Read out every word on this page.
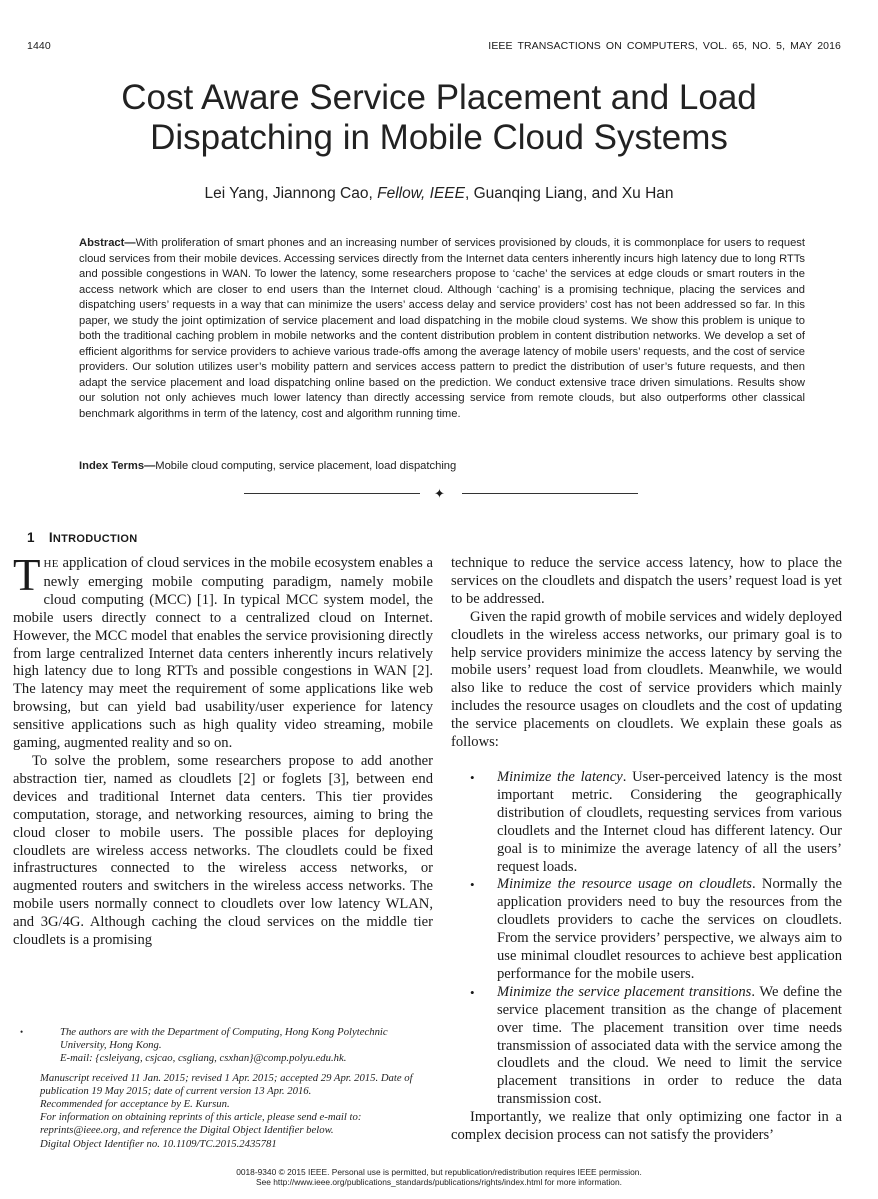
1440	IEEE TRANSACTIONS ON COMPUTERS, VOL. 65, NO. 5, MAY 2016
Cost Aware Service Placement and Load
Dispatching in Mobile Cloud Systems
Lei Yang, Jiannong Cao, Fellow, IEEE, Guanqing Liang, and Xu Han
Abstract—With proliferation of smart phones and an increasing number of services provisioned by clouds, it is commonplace for users to request cloud services from their mobile devices. Accessing services directly from the Internet data centers inherently incurs high latency due to long RTTs and possible congestions in WAN. To lower the latency, some researchers propose to ‘cache’ the services at edge clouds or smart routers in the access network which are closer to end users than the Internet cloud. Although ‘caching’ is a promising technique, placing the services and dispatching users’ requests in a way that can minimize the users’ access delay and service providers’ cost has not been addressed so far. In this paper, we study the joint optimization of service placement and load dispatching in the mobile cloud systems. We show this problem is unique to both the traditional caching problem in mobile networks and the content distribution problem in content distribution networks. We develop a set of efficient algorithms for service providers to achieve various trade-offs among the average latency of mobile users’ requests, and the cost of service providers. Our solution utilizes user’s mobility pattern and services access pattern to predict the distribution of user’s future requests, and then adapt the service placement and load dispatching online based on the prediction. We conduct extensive trace driven simulations. Results show our solution not only achieves much lower latency than directly accessing service from remote clouds, but also outperforms other classical benchmark algorithms in term of the latency, cost and algorithm running time.
Index Terms—Mobile cloud computing, service placement, load dispatching
✦
1 INTRODUCTION

THE application of cloud services in the mobile ecosystem enables a newly emerging mobile computing paradigm, namely mobile cloud computing (MCC) [1]. In typical MCC system model, the mobile users directly connect to a centralized cloud on Internet. However, the MCC model that enables the service provisioning directly from large centralized Internet data centers inherently incurs relatively high latency due to long RTTs and possible congestions in WAN [2]. The latency may meet the requirement of some applications like web browsing, but can yield bad usability/user experience for latency sensitive applications such as high quality video streaming, mobile gaming, augmented reality and so on.

To solve the problem, some researchers propose to add another abstraction tier, named as cloudlets [2] or foglets [3], between end devices and traditional Internet data centers. This tier provides computation, storage, and networking resources, aiming to bring the cloud closer to mobile users. The possible places for deploying cloudlets are wireless access networks. The cloudlets could be fixed infrastructures connected to the wireless access networks, or augmented routers and switchers in the wireless access networks. The mobile users normally connect to cloudlets over low latency WLAN, and 3G/4G. Although caching the cloud services on the middle tier cloudlets is a promising

technique to reduce the service access latency, how to place the services on the cloudlets and dispatch the users’ request load is yet to be addressed.

Given the rapid growth of mobile services and widely deployed cloudlets in the wireless access networks, our primary goal is to help service providers minimize the access latency by serving the mobile users’ request load from cloudlets. Meanwhile, we would also like to reduce the cost of service providers which mainly includes the resource usages on cloudlets and the cost of updating the service placements on cloudlets. We explain these goals as follows:

• Minimize the latency. User-perceived latency is the most important metric. Considering the geographically distribution of cloudlets, requesting services from various cloudlets and the Internet cloud has different latency. Our goal is to minimize the average latency of all the users’ request loads.
• Minimize the resource usage on cloudlets. Normally the application providers need to buy the resources from the cloudlets providers to cache the services on cloudlets. From the service providers’ perspective, we always aim to use minimal cloudlet resources to achieve best application performance for the mobile users.
• Minimize the service placement transitions. We define the service placement transition as the change of placement over time. The placement transition over time needs transmission of associated data with the service among the cloudlets and the cloud. We need to limit the service placement transitions in order to reduce the data transmission cost.

Importantly, we realize that only optimizing one factor in a complex decision process can not satisfy the providers’

•	The authors are with the Department of Computing, Hong Kong Polytechnic University, Hong Kong.

E-mail: {csleiyang, csjcao, csgliang, csxhan}@comp.polyu.edu.hk.

Manuscript received 11 Jan. 2015; revised 1 Apr. 2015; accepted 29 Apr. 2015. Date of publication 19 May 2015; date of current version 13 Apr. 2016.

Recommended for acceptance by E. Kursun.

For information on obtaining reprints of this article, please send e-mail to: reprints@ieee.org, and reference the Digital Object Identifier below.

Digital Object Identifier no. 10.1109/TC.2015.2435781

0018-9340 © 2015 IEEE. Personal use is permitted, but republication/redistribution requires IEEE permission.
See http://www.ieee.org/publications_standards/publications/rights/index.html for more information.
